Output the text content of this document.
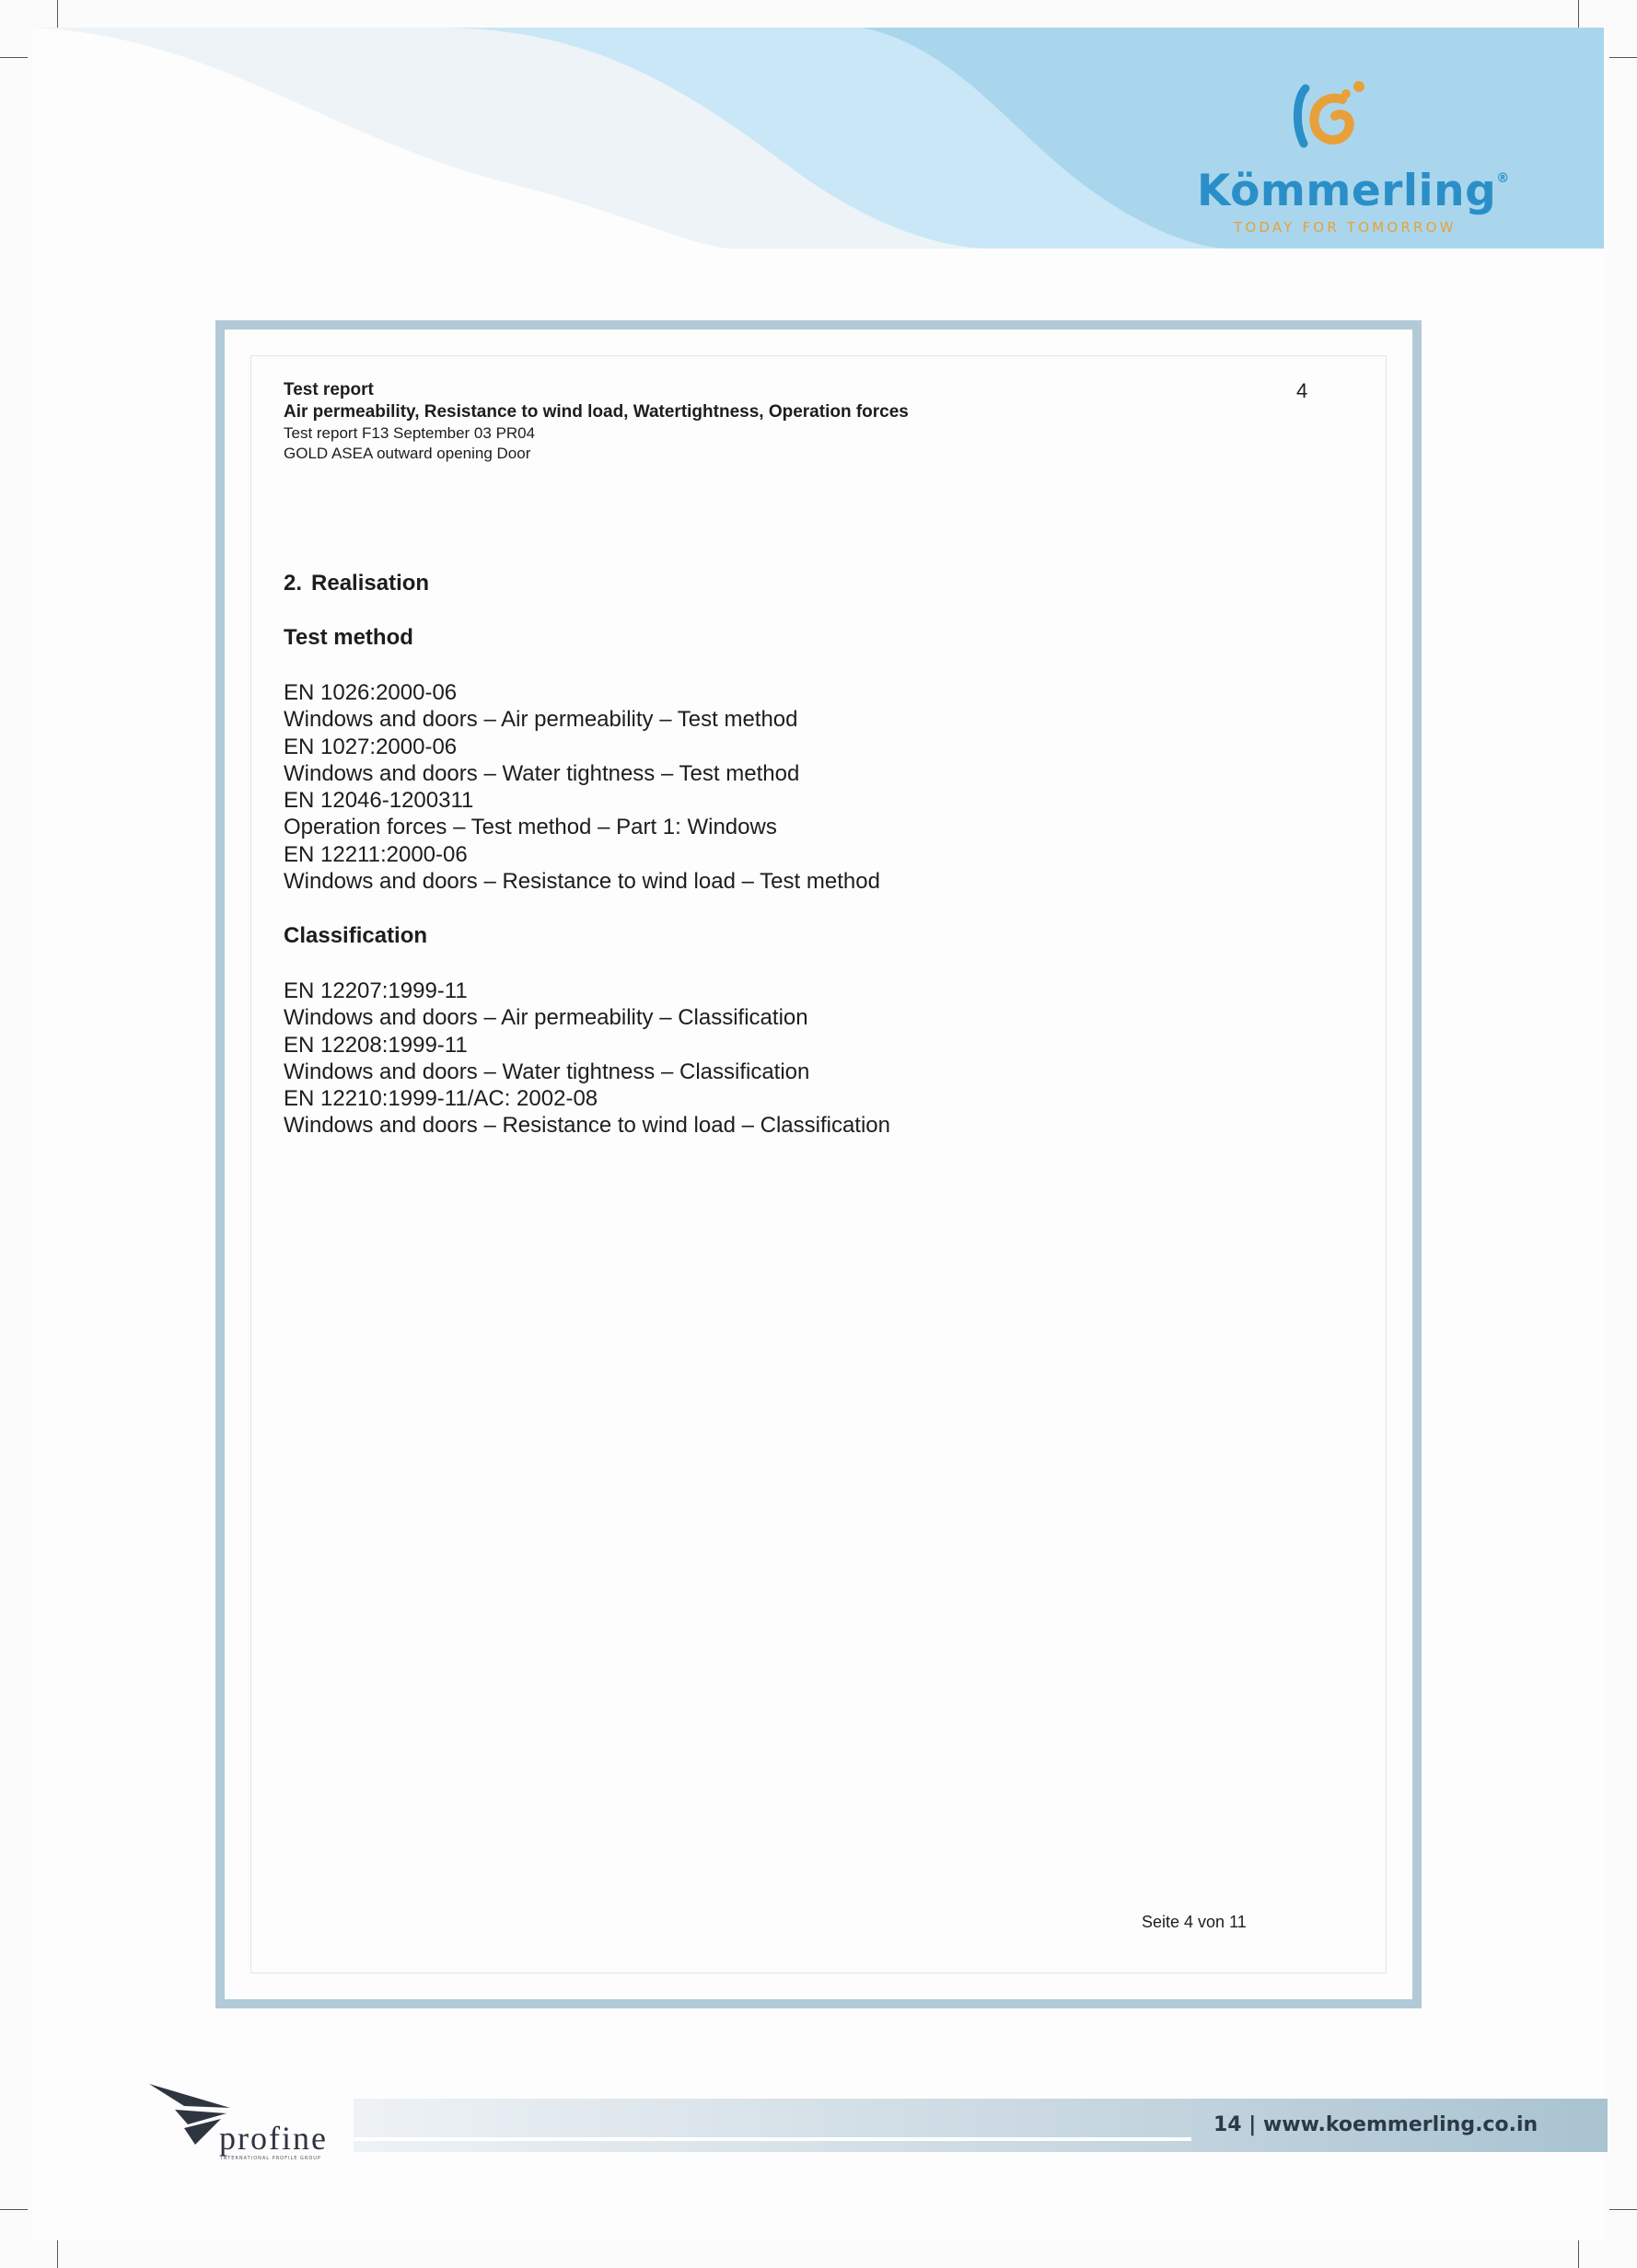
Kömmerling®
TODAY FOR TOMORROW
Test report
Air permeability, Resistance to wind load, Watertightness, Operation forces
Test report F13 September 03 PR04
GOLD ASEA outward opening Door
4
2. Realisation
Test method
EN 1026:2000-06
Windows and doors – Air permeability – Test method
EN 1027:2000-06
Windows and doors – Water tightness – Test method
EN 12046-1200311
Operation forces – Test method – Part 1: Windows
EN 12211:2000-06
Windows and doors – Resistance to wind load – Test method
Classification
EN 12207:1999-11
Windows and doors – Air permeability – Classification
EN 12208:1999-11
Windows and doors – Water tightness – Classification
EN 12210:1999-11/AC: 2002-08
Windows and doors – Resistance to wind load – Classification
Seite 4 von 11
14 | www.koemmerling.co.in
profine
INTERNATIONAL PROFILE GROUP
